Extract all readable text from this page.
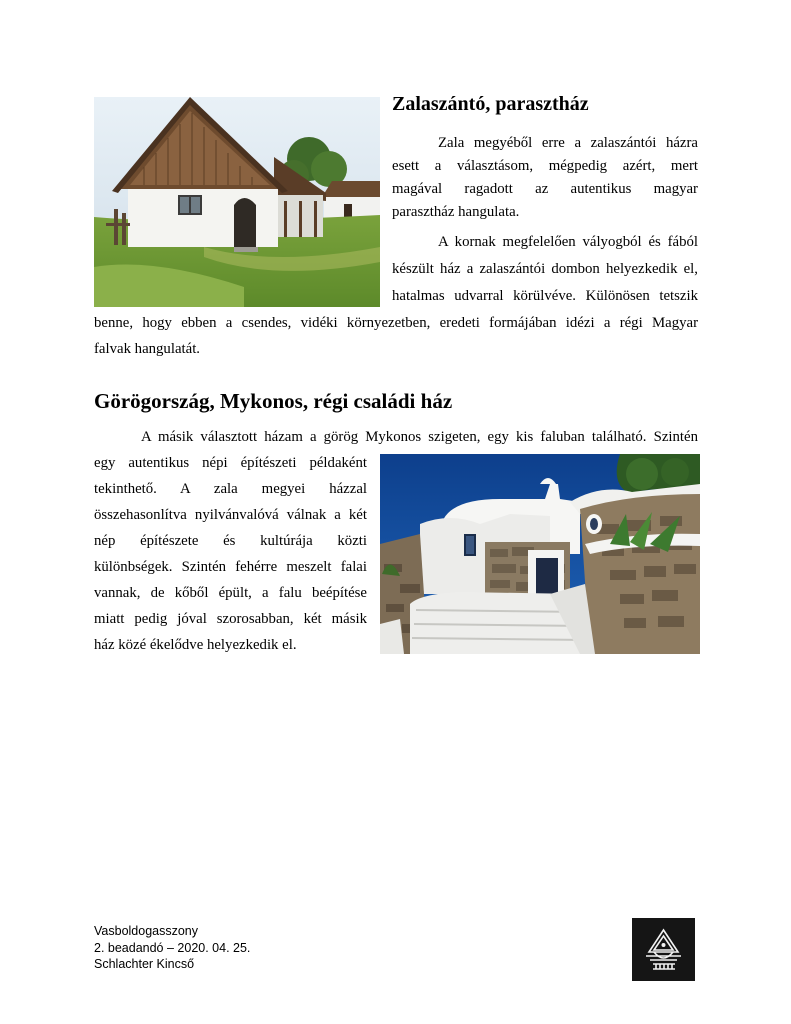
Zalaszántó, parasztház

Zala megyéből erre a zalaszántói házra

esett a választásom, mégpedig azért, mert

magával ragadott az autentikus magyar

parasztház hangulata.

A kornak megfelelően vályogból és fából

készült ház a zalaszántói dombon helyezkedik el,

hatalmas udvarral körülvéve. Különösen tetszik

benne, hogy ebben a csendes, vidéki környezetben, eredeti formájában idézi a régi Magyar

falvak hangulatát.

Görögország, Mykonos, régi családi ház

A másik választott házam a görög Mykonos szigeten, egy kis faluban található. Szintén

egy autentikus népi építészeti példaként

tekinthető. A zala megyei házzal

összehasonlítva nyilvánvalóvá válnak a két

nép építészete és kultúrája közti

különbségek. Szintén fehérre meszelt falai

vannak, de kőből épült, a falu beépítése

miatt pedig jóval szorosabban, két másik

ház közé ékelődve helyezkedik el.

Vasboldogasszony
2. beadandó – 2020. 04. 25.
Schlachter Kincső
